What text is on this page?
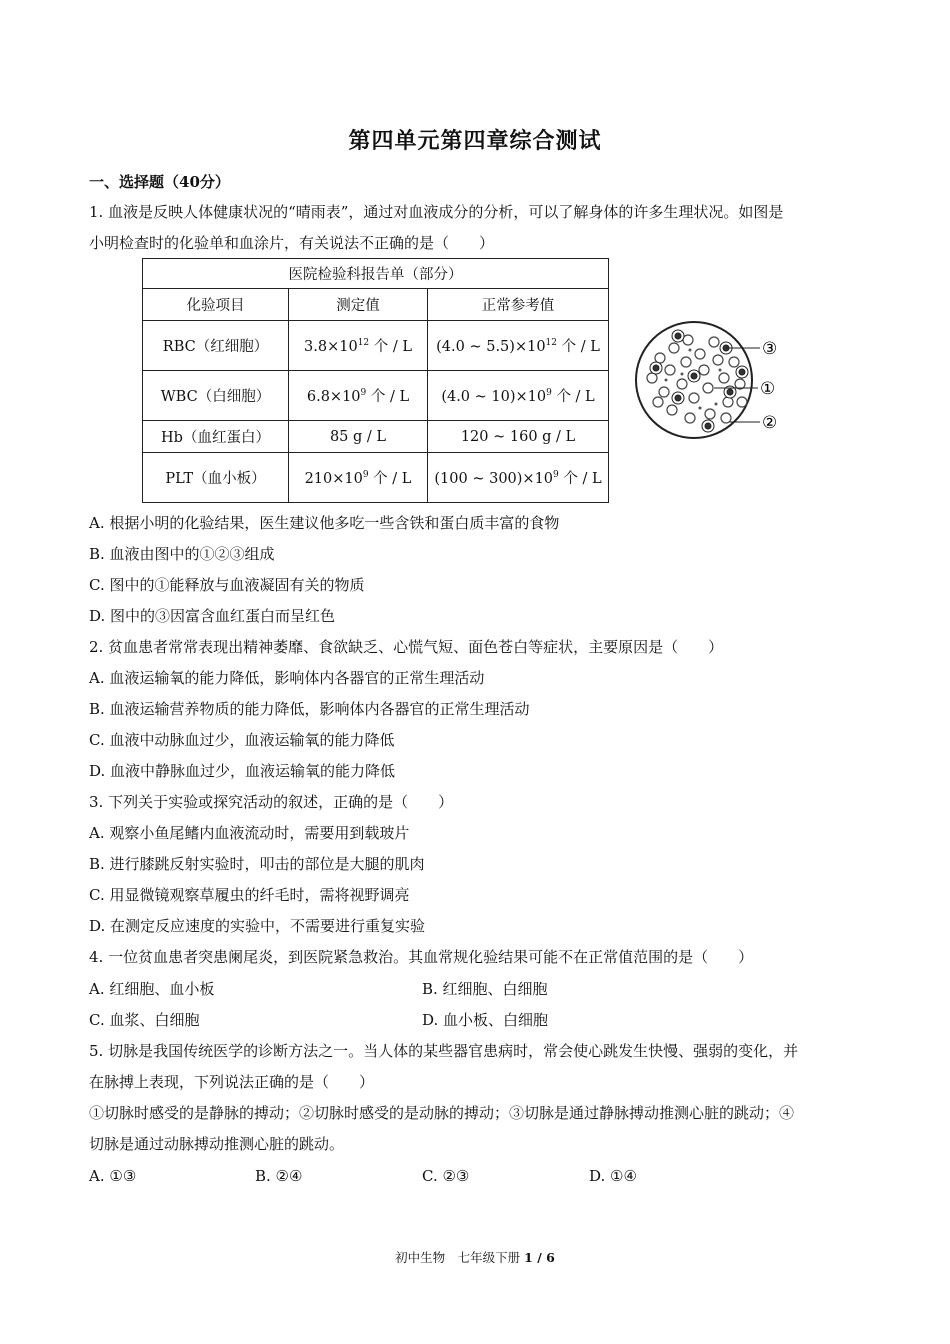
第四单元第四章综合测试
一、选择题（40分）
1. 血液是反映人体健康状况的“晴雨表”，通过对血液成分的分析，可以了解身体的许多生理状况。如图是
小明检查时的化验单和血涂片，有关说法不正确的是（　　）
医院检验科报告单（部分）		
化验项目	测定值	正常参考值
RBC（红细胞）	$3.8\times 10^{12}$ 个 / L	(4.0 ~ $5.5)\times 10^{12}$ 个 / L
WBC（白细胞）	$6.8\times 10^9$ 个 / L	(4.0 ~ $10)\times 10^9$ 个 / L
Hb（血红蛋白）	85 g / L	120 ~ 160 g / L
PLT（血小板）	$210\times 10^9$ 个 / L	(100 ~ $300)\times 10^9$ 个 / L
③
①
②
A. 根据小明的化验结果，医生建议他多吃一些含铁和蛋白质丰富的食物
B. 血液由图中的①②③组成
C. 图中的①能释放与血液凝固有关的物质
D. 图中的③因富含血红蛋白而呈红色
2. 贫血患者常常表现出精神萎靡、食欲缺乏、心慌气短、面色苍白等症状，主要原因是（　　）
A. 血液运输氧的能力降低，影响体内各器官的正常生理活动
B. 血液运输营养物质的能力降低，影响体内各器官的正常生理活动
C. 血液中动脉血过少，血液运输氧的能力降低
D. 血液中静脉血过少，血液运输氧的能力降低
3. 下列关于实验或探究活动的叙述，正确的是（　　）
A. 观察小鱼尾鳍内血液流动时，需要用到载玻片
B. 进行膝跳反射实验时，叩击的部位是大腿的肌肉
C. 用显微镜观察草履虫的纤毛时，需将视野调亮
D. 在测定反应速度的实验中，不需要进行重复实验
4. 一位贫血患者突患阑尾炎，到医院紧急救治。其血常规化验结果可能不在正常值范围的是（　　）
A. 红细胞、血小板	B. 红细胞、白细胞
C. 血浆、白细胞	D. 血小板、白细胞
5. 切脉是我国传统医学的诊断方法之一。当人体的某些器官患病时，常会使心跳发生快慢、强弱的变化，并
在脉搏上表现，下列说法正确的是（　　）
①切脉时感受的是静脉的搏动；②切脉时感受的是动脉的搏动；③切脉是通过静脉搏动推测心脏的跳动；④
切脉是通过动脉搏动推测心脏的跳动。
A. ①③	B. ②④	C. ②③	D. ①④
初中生物　七年级下册 1 / 6
